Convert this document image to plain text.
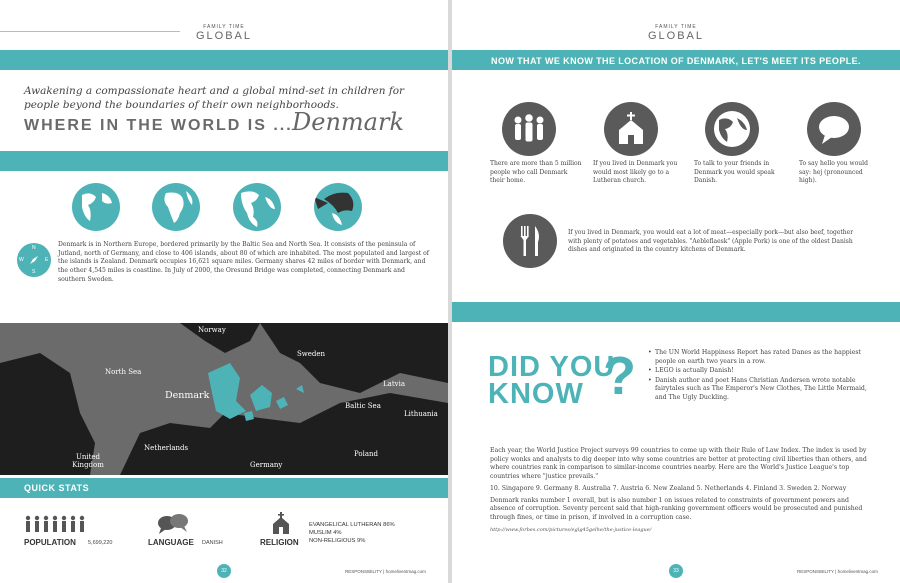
FAMILY TIME
GLOBAL
Awakening a compassionate heart and a global mind-set in children for people beyond the boundaries of their own neighborhoods.
WHERE IN THE WORLD IS ... Denmark
N
E
S
W
Denmark is in Northern Europe, bordered primarily by the Baltic Sea and North Sea. It consists of the peninsula of Jutland, north of Germany, and close to 406 islands, about 80 of which are inhabited. The most populated and largest of the islands is Zealand. Denmark occupies 16,621 square miles. Germany shares 42 miles of border with Denmark, and the other 4,545 miles is coastline. In July of 2000, the Oresund Bridge was completed, connecting Denmark and southern Sweden.
Norway
Sweden
North Sea
Denmark
Latvia
Baltic Sea
Lithuania
United Kingdom
Netherlands
Germany
Poland
QUICK STATS
POPULATION 5,699,220	LANGUAGE DANISH	RELIGION
EVANGELICAL LUTHERAN 86%
MUSLIM 4%
NON-RELIGIOUS 9%
32	RESPONSIBILITY | homeliventmag.com
FAMILY TIME
GLOBAL
NOW THAT WE KNOW THE LOCATION OF DENMARK, LET'S MEET ITS PEOPLE.
33	RESPONSIBILITY | homeliventmag.com
There are more than 5 million people who call Denmark their home.
If you lived in Denmark you would most likely go to a Lutheran church.
To talk to your friends in Denmark you would speak Danish.
To say hello you would say: hej (pronounced high).
If you lived in Denmark, you would eat a lot of meat—especially pork—but also beef, together with plenty of potatoes and vegetables. "Aebleflaesk" (Apple Pork) is one of the oldest Danish dishes and originated in the country kitchens of Denmark.
DID YOU
KNOW ?
•	The UN World Happiness Report has rated Danes as the happiest people on earth two years in a row.
• LEGO is actually Danish!
• Danish author and poet Hans Christian Andersen wrote notable fairytales such as The Emperor's New Clothes, The Little Mermaid, and The Ugly Duckling.

Each year, the World Justice Project surveys 99 countries to come up with their Rule of Law Index. The index is used by policy wonks and analysts to dig deeper into why some countries are better at protecting civil liberties than others, and where countries rank in comparison to similar-income countries nearby. Here are the World's Justice League's top countries where "justice prevails."

10. Singapore 9. Germany 8. Australia 7. Austria 6. New Zealand 5. Netherlands 4. Finland 3. Sweden 2. Norway

Denmark ranks number 1 overall, but is also number 1 on issues related to constraints of government powers and absence of corruption. Seventy percent said that high-ranking government officers would be prosecuted and punished through fines, or time in prison, if involved in a corruption case.

http://www.forbes.com/pictures/eglg45gelhe/the-justice-league/
